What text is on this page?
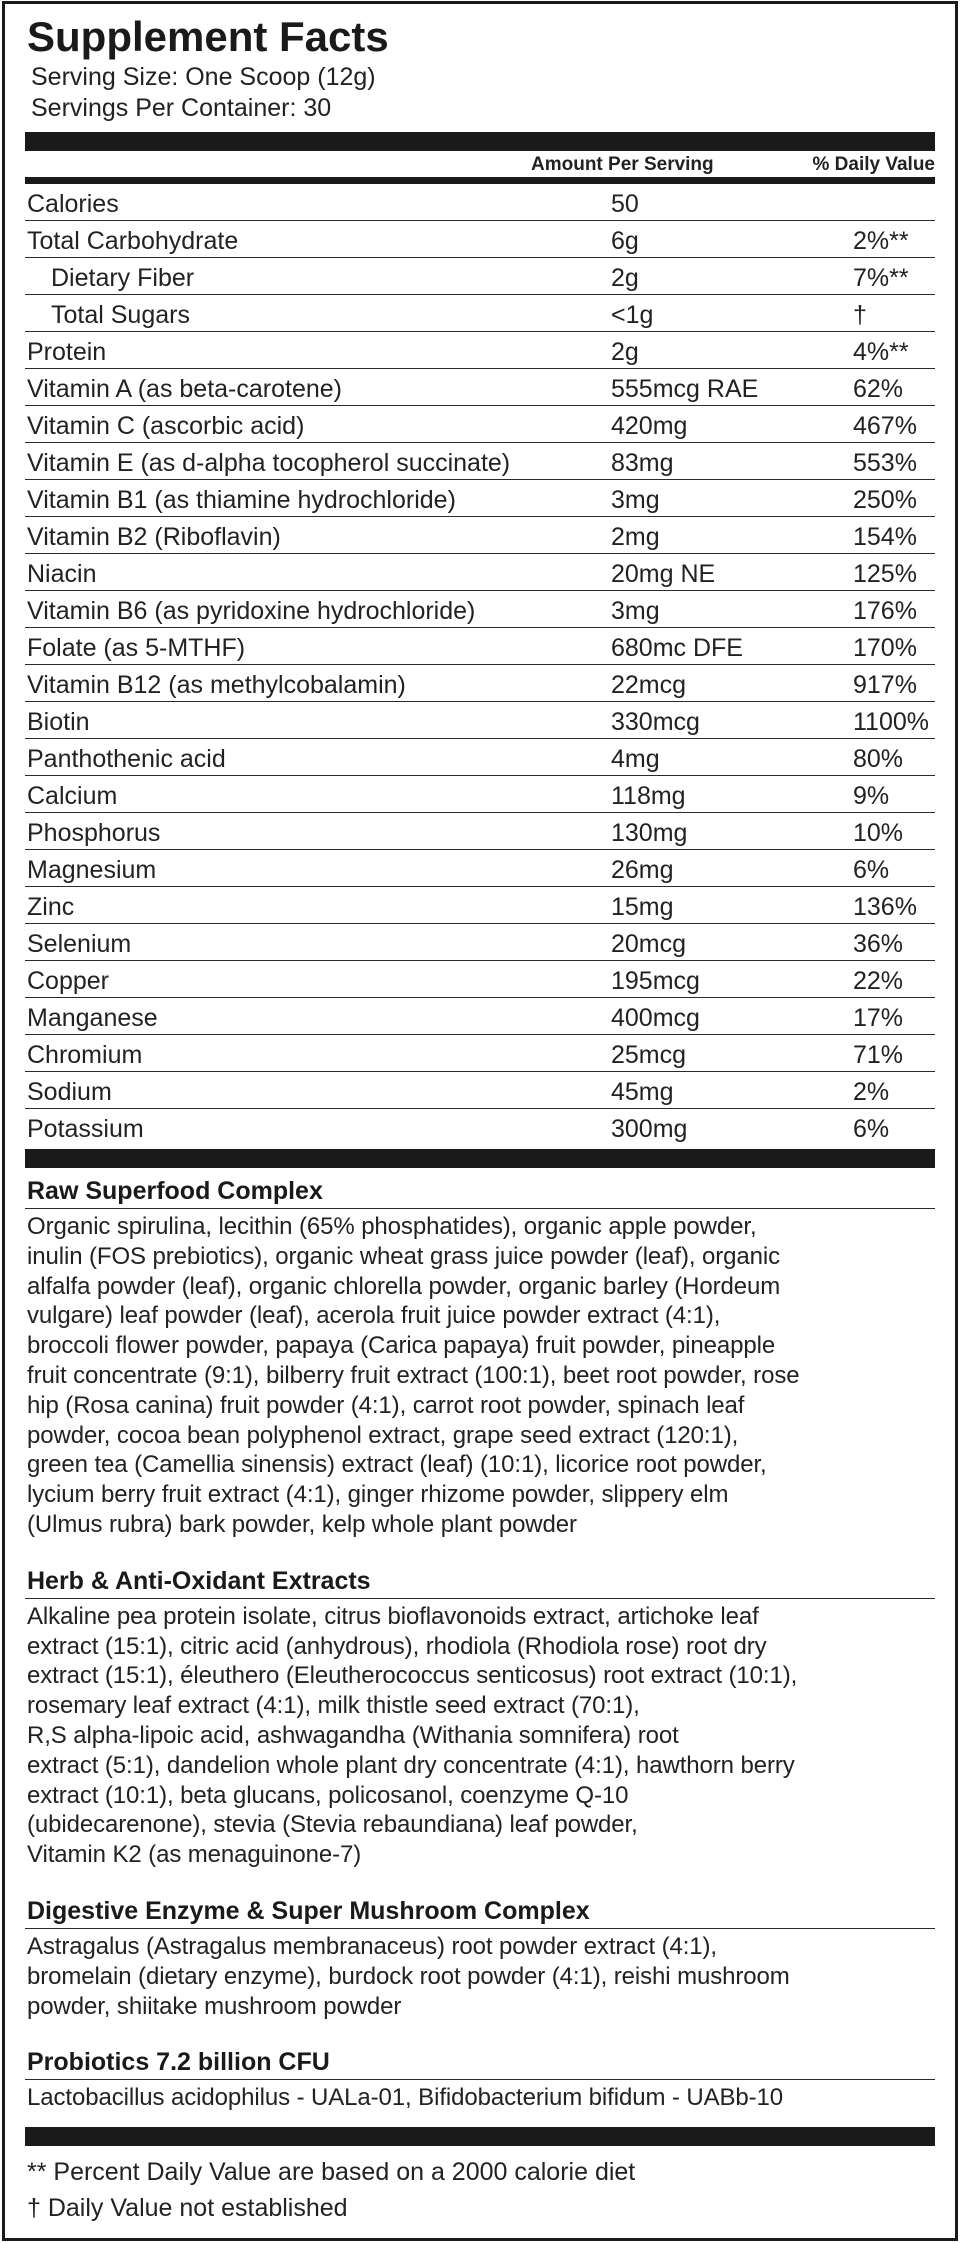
Supplement Facts
Serving Size: One Scoop (12g)
Servings Per Container: 30
Amount Per Serving	% Daily Value
Calories	50
Total Carbohydrate	6g	2%**
Dietary Fiber	2g	7%**
Total Sugars	<1g	†
Protein	2g	4%**
Vitamin A (as beta-carotene)	555mcg RAE	62%
Vitamin C (ascorbic acid)	420mg	467%
Vitamin E (as d-alpha tocopherol succinate)	83mg	553%
Vitamin B1 (as thiamine hydrochloride)	3mg	250%
Vitamin B2 (Riboflavin)	2mg	154%
Niacin	20mg NE	125%
Vitamin B6 (as pyridoxine hydrochloride)	3mg	176%
Folate (as 5-MTHF)	680mc DFE	170%
Vitamin B12 (as methylcobalamin)	22mcg	917%
Biotin	330mcg	1100%
Panthothenic acid	4mg	80%
Calcium	118mg	9%
Phosphorus	130mg	10%
Magnesium	26mg	6%
Zinc	15mg	136%
Selenium	20mcg	36%
Copper	195mcg	22%
Manganese	400mcg	17%
Chromium	25mcg	71%
Sodium	45mg	2%
Potassium	300mg	6%
Raw Superfood Complex
Organic spirulina, lecithin (65% phosphatides), organic apple powder,
inulin (FOS prebiotics), organic wheat grass juice powder (leaf), organic
alfalfa powder (leaf), organic chlorella powder, organic barley (Hordeum
vulgare) leaf powder (leaf), acerola fruit juice powder extract (4:1),
broccoli flower powder, papaya (Carica papaya) fruit powder, pineapple
fruit concentrate (9:1), bilberry fruit extract (100:1), beet root powder, rose
hip (Rosa canina) fruit powder (4:1), carrot root powder, spinach leaf
powder, cocoa bean polyphenol extract, grape seed extract (120:1),
green tea (Camellia sinensis) extract (leaf) (10:1), licorice root powder,
lycium berry fruit extract (4:1), ginger rhizome powder, slippery elm
(Ulmus rubra) bark powder, kelp whole plant powder
Herb & Anti-Oxidant Extracts
Alkaline pea protein isolate, citrus bioflavonoids extract, artichoke leaf
extract (15:1), citric acid (anhydrous), rhodiola (Rhodiola rose) root dry
extract (15:1), éleuthero (Eleutherococcus senticosus) root extract (10:1),
rosemary leaf extract (4:1), milk thistle seed extract (70:1),
R,S alpha-lipoic acid, ashwagandha (Withania somnifera) root
extract (5:1), dandelion whole plant dry concentrate (4:1), hawthorn berry
extract (10:1), beta glucans, policosanol, coenzyme Q-10
(ubidecarenone), stevia (Stevia rebaundiana) leaf powder,
Vitamin K2 (as menaguinone-7)
Digestive Enzyme & Super Mushroom Complex
Astragalus (Astragalus membranaceus) root powder extract (4:1),
bromelain (dietary enzyme), burdock root powder (4:1), reishi mushroom
powder, shiitake mushroom powder
Probiotics 7.2 billion CFU
Lactobacillus acidophilus - UALa-01, Bifidobacterium bifidum - UABb-10
** Percent Daily Value are based on a 2000 calorie diet
† Daily Value not established
